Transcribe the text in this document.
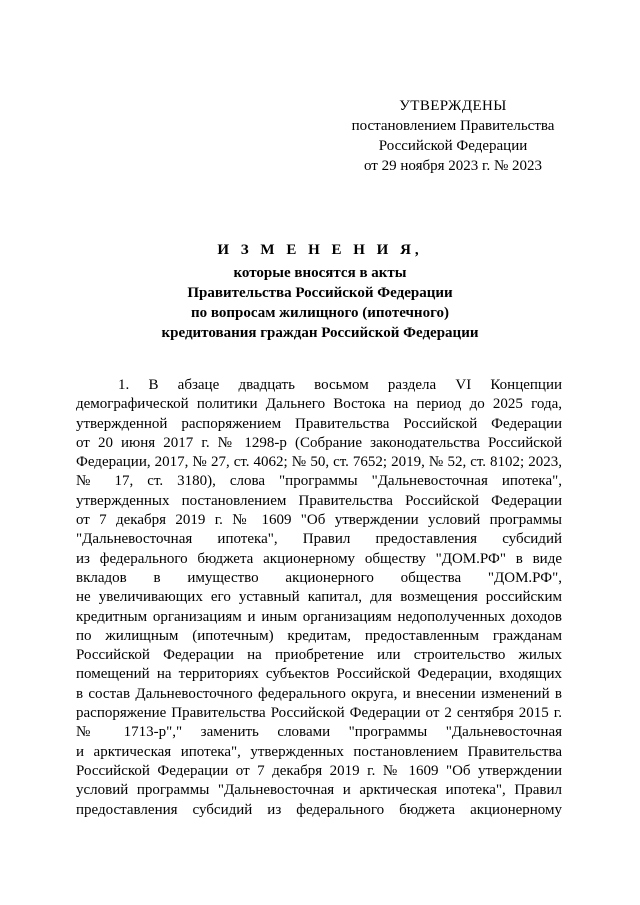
УТВЕРЖДЕНЫ
постановлением Правительства
Российской Федерации
от 29 ноября 2023 г. № 2023
И З М Е Н Е Н И Я,
которые вносятся в акты
Правительства Российской Федерации
по вопросам жилищного (ипотечного)
кредитования граждан Российской Федерации
1. В абзаце двадцать восьмом раздела VI Концепции
демографической политики Дальнего Востока на период до 2025 года,
утвержденной распоряжением Правительства Российской Федерации
от 20 июня 2017 г. № 1298-р (Собрание законодательства Российской
Федерации, 2017, № 27, ст. 4062; № 50, ст. 7652; 2019, № 52, ст. 8102; 2023,
№ 17, ст. 3180), слова "программы "Дальневосточная ипотека",
утвержденных постановлением Правительства Российской Федерации
от 7 декабря 2019 г. № 1609 "Об утверждении условий программы
"Дальневосточная ипотека", Правил предоставления субсидий
из федерального бюджета акционерному обществу "ДОМ.РФ" в виде
вкладов в имущество акционерного общества "ДОМ.РФ",
не увеличивающих его уставный капитал, для возмещения российским
кредитным организациям и иным организациям недополученных доходов
по жилищным (ипотечным) кредитам, предоставленным гражданам
Российской Федерации на приобретение или строительство жилых
помещений на территориях субъектов Российской Федерации, входящих
в состав Дальневосточного федерального округа, и внесении изменений в
распоряжение Правительства Российской Федерации от 2 сентября 2015 г.
№ 1713-р"," заменить словами "программы "Дальневосточная
и арктическая ипотека", утвержденных постановлением Правительства
Российской Федерации от 7 декабря 2019 г. № 1609 "Об утверждении
условий программы "Дальневосточная и арктическая ипотека", Правил
предоставления субсидий из федерального бюджета акционерному
